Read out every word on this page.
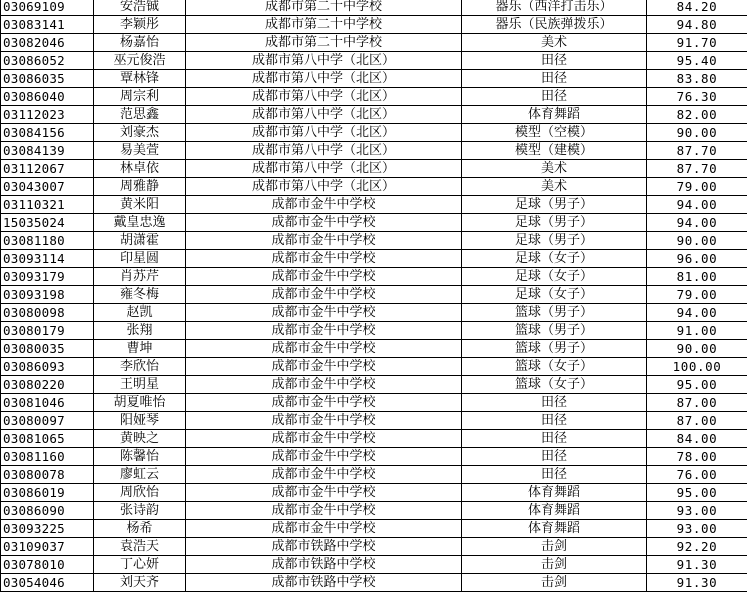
03069109	安浩铖	成都市第二十中学校	器乐（西洋打击乐）	84.20
03083141	李颖彤	成都市第二十中学校	器乐（民族弹拨乐）	94.80
03082046	杨嘉怡	成都市第二十中学校	美术	91.70
03086052	巫元俊浩	成都市第八中学（北区）	田径	95.40
03086035	覃林锋	成都市第八中学（北区）	田径	83.80
03086040	周宗利	成都市第八中学（北区）	田径	76.30
03112023	范思鑫	成都市第八中学（北区）	体育舞蹈	82.00
03084156	刘豪杰	成都市第八中学（北区）	模型（空模）	90.00
03084139	易美萱	成都市第八中学（北区）	模型（建模）	87.70
03112067	林卓依	成都市第八中学（北区）	美术	87.70
03043007	周雅静	成都市第八中学（北区）	美术	79.00
03110321	黄米阳	成都市金牛中学校	足球（男子）	94.00
15035024	戴皇忠逸	成都市金牛中学校	足球（男子）	94.00
03081180	胡潇霍	成都市金牛中学校	足球（男子）	90.00
03093114	印星圆	成都市金牛中学校	足球（女子）	96.00
03093179	肖苏芹	成都市金牛中学校	足球（女子）	81.00
03093198	雍冬梅	成都市金牛中学校	足球（女子）	79.00
03080098	赵凯	成都市金牛中学校	篮球（男子）	94.00
03080179	张翔	成都市金牛中学校	篮球（男子）	91.00
03080035	曹坤	成都市金牛中学校	篮球（男子）	90.00
03086093	李欣怡	成都市金牛中学校	篮球（女子）	100.00
03080220	王明星	成都市金牛中学校	篮球（女子）	95.00
03081046	胡夏唯怡	成都市金牛中学校	田径	87.00
03080097	阳娅琴	成都市金牛中学校	田径	87.00
03081065	黄映之	成都市金牛中学校	田径	84.00
03081160	陈馨怡	成都市金牛中学校	田径	78.00
03080078	廖虹云	成都市金牛中学校	田径	76.00
03086019	周欣怡	成都市金牛中学校	体育舞蹈	95.00
03086090	张诗韵	成都市金牛中学校	体育舞蹈	93.00
03093225	杨希	成都市金牛中学校	体育舞蹈	93.00
03109037	袁浩天	成都市铁路中学校	击剑	92.20
03078010	丁心妍	成都市铁路中学校	击剑	91.30
03054046	刘天齐	成都市铁路中学校	击剑	91.30
